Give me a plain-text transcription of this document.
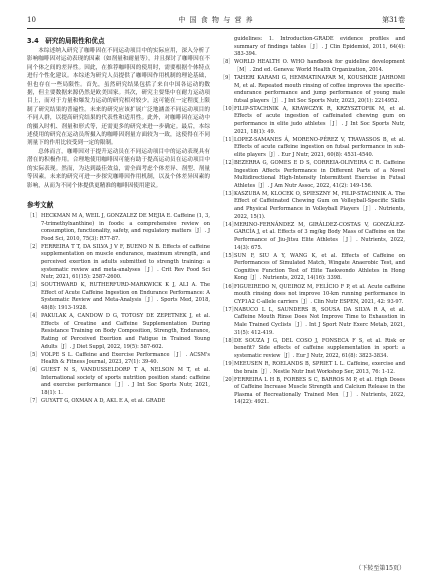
10	中 国 食 物 与 营 养	第31卷
3.4　研究的局限性和优点

本综述纳入研究了咖啡因在不同运动项目中的实际应用，深入分析了影响咖啡因对运动表现的因素（如剂量和耐量等），并且探讨了咖啡因在不同个体之间的差异性。因此，在推荐咖啡因的使用时，需要根据个体特点进行个性化建议。本综述为研究人员提供了咖啡因作用机制的理论基础，但也存在一些局限性。首先，虽然研究结果包括了来自中国各运动的数据，但主要数据来源仍然是欧美国家。其次，研究主要集中在耐力运动项目上，而对于力量和爆发力运动的研究相对较少。这可能在一定程度上限制了研究结果的普遍性。未来的研究应该扩展广泛地涵盖不同运动项目的不同人群，以提高研究结果的代表性和适用性。此外，对咖啡因在运动中的摄入时机、剂量和形式等，还需更多的研究来进一步确定。最后，本综述使用的研究在运动员所摄入的咖啡因剂量方面较为一致，这使得在不同剂量下的作用比较受到一定的限制。

总体而言，咖啡因对于提升运动员在不同运动项目中的运动表现具有潜在的积极作用。合理地使用咖啡因可能有助于提高运动员在运动项目中的实际表现。然而，为达到最佳效益，需全面考虑个体差异、剂型、剂量等因素。未来的研究可进一步探究咖啡因作用机制，以及个体差异因素的影响，从而为不同个体提供更精准的咖啡因使用建议。

参考文献
［1］ HECKMAN M A, WEIL J, GONZALEZ DE MEJIA E. Caffeine (1, 3, 7-trimethylxanthine) in foods: a comprehensive review on consumption, functionality, safety, and regulatory matters［J］. J Food Sci, 2010, 75(3): R77-87.
［2］ FERREIRA T T, DA SILVA J V F, BUENO N B. Effects of caffeine supplementation on muscle endurance, maximum strength, and perceived exertion in adults submitted to strength training: a systematic review and meta-analyses［J］. Crit Rev Food Sci Nutr, 2021, 61(15): 2587-2600.
［3］ SOUTHWARD K, RUTHERFURD-MARKWICK K J, ALI A. The Effect of Acute Caffeine Ingestion on Endurance Performance: A Systematic Review and Meta-Analysis［J］. Sports Med, 2018, 48(8): 1913-1928.
［4］ PAKULAK A, CANDOW D G, TOTOSY DE ZEPETNEK J, et al. Effects of Creatine and Caffeine Supplementation During Resistance Training on Body Composition, Strength, Endurance, Rating of Perceived Exertion and Fatigue in Trained Young Adults［J］. J Diet Suppl, 2022, 19(5): 587-602.
［5］ VOLPE S L. Caffeine and Exercise Performance［J］. ACSM's Health & Fitness Journal, 2023, 27(1): 39-40.
［6］ GUEST N S, VANDUSSELDORP T A, NELSON M T, et al. International society of sports nutrition position stand: caffeine and exercise performance［J］. J Int Soc Sports Nutr, 2021, 18(1): 1.
［7］ GUYATT G, OXMAN A D, AKL E A, et al. GRADE
guidelines: 1. Introduction-GRADE evidence profiles and summary of findings tables［J］. J Clin Epidemiol, 2011, 64(4): 383-394.
［8］ WORLD HEALTH O. WHO handbook for guideline development［M］. 2nd ed. Geneva: World Health Organization, 2014.
［9］ TAHERI KARAMI G, HEMMATINAFAR M, KOUSHKIE JAHROMI M, et al. Repeated mouth rinsing of coffee improves the specific-endurance performance and jump performance of young male futsal players［J］. J Int Soc Sports Nutr, 2023, 20(1): 2214952.
［10］
FILIP-STACHNIK A, KRAWCZYK R, KRZYSZTOFIK M, et al. Effects of acute ingestion of caffeinated chewing gum on performance in elite judo athletes［J］. J Int Soc Sports Nutr, 2021, 18(1): 49.
［11］
LOPEZ-SAMANES Á, MORENO-PÉREZ V, TRAVASSOS B, et al. Effects of acute caffeine ingestion on futsal performance in sub-elite players［J］. Eur J Nutr, 2021, 60(8): 4531-4540.
［12］
BEZERRA G, GOMES E D S, CORREIA-OLIVEIRA C R. Caffeine Ingestion Affects Performance in Different Parts of a Novel Multidirectional High-Intensity Intermittent Exercise in Futsal Athletes［J］. J Am Nutr Assoc, 2022, 41(2): 149-156.
［13］
KASZUBA M, KLOCEK O, SPIESZNY M, FILIP-STACHNIK A. The Effect of Caffeinated Chewing Gum on Volleyball-Specific Skills and Physical Performance in Volleyball Players［J］. Nutrients, 2022, 15(1).
［14］
MERINO-FERNÁNDEZ M, GIRÁLDEZ-COSTAS V, GONZÁLEZ-GARCÍA J, et al. Effects of 3 mg/kg Body Mass of Caffeine on the Performance of Jiu-Jitsu Elite Athletes［J］. Nutrients, 2022, 14(3): 675.
［15］
SUN F, SIU A Y, WANG K, et al. Effects of Caffeine on Performances of Simulated Match, Wingate Anaerobic Test, and Cognitive Function Test of Elite Taekwondo Athletes in Hong Kong［J］. Nutrients, 2022, 14(16): 3398.
［16］
FIGUEIREDO N, QUEIROZ M, FELÍCIO F P, et al. Acute caffeine mouth rinsing does not improve 10-km running performance in CYP1A2 C-allele carriers［J］. Clin Nutr ESPEN, 2021, 42: 93-97.
［17］
NABUCO L L, SAUNDERS B, SOUSA DA SILVA R A, et al. Caffeine Mouth Rinse Does Not Improve Time to Exhaustion in Male Trained Cyclists［J］. Int J Sport Nutr Exerc Metab, 2021, 31(5): 412-419.
［18］
DE SOUZA J G, DEL COSO J, FONSECA F S, et al. Risk or benefit? Side effects of caffeine supplementation in sport: a systematic review［J］. Eur J Nutr, 2022, 61(8): 3823-3834.
［19］
MEEUSEN R, ROELANDS B, SPRIET L L. Caffeine, exercise and the brain［J］. Nestle Nutr Inst Workshop Ser, 2013, 76: 1-12.
［20］
FERREIRA L H B, FORBES S C, BARROS M P, et al. High Doses of Caffeine Increase Muscle Strength and Calcium Release in the Plasma of Recreationally Trained Men［J］. Nutrients, 2022, 14(22): 4921.
（下转至第15页）
